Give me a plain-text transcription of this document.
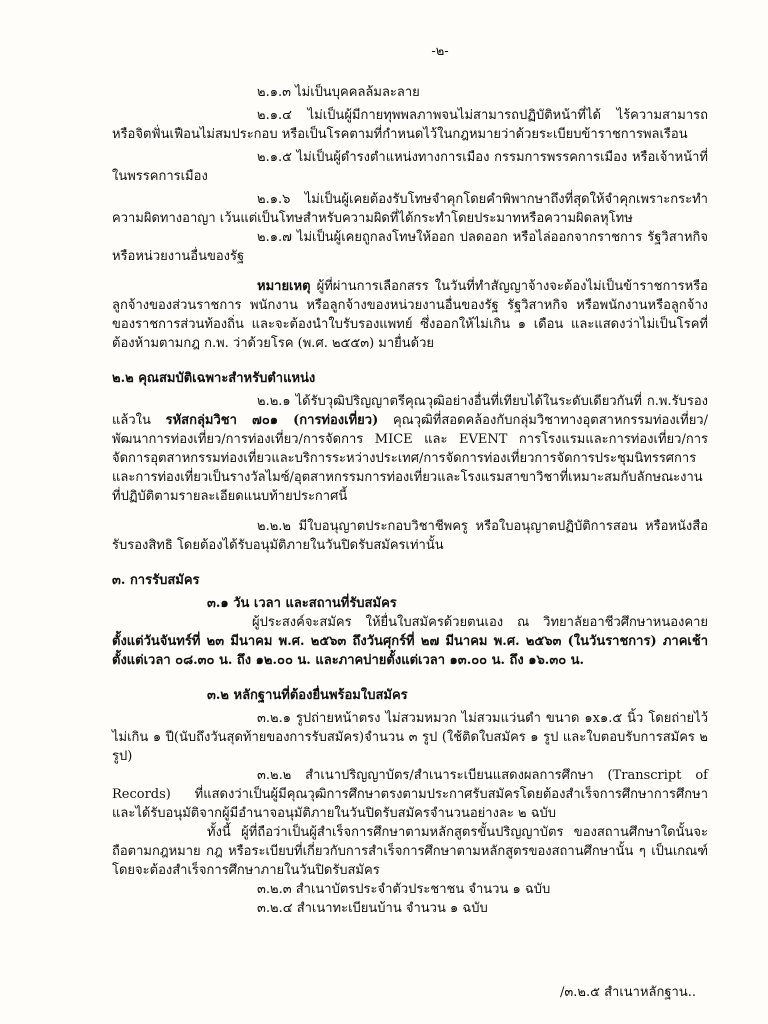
-๒-

๒.๑.๓ ไม่เป็นบุคคลล้มละลาย

๒.๑.๔ ไม่เป็นผู้มีกายทุพพลภาพจนไม่สามารถปฏิบัติหน้าที่ได้ ไร้ความสามารถ หรือจิตฟั่นเฟือนไม่สมประกอบ หรือเป็นโรคตามที่กำหนดไว้ในกฎหมายว่าด้วยระเบียบข้าราชการพลเรือน

๒.๑.๕ ไม่เป็นผู้ดำรงตำแหน่งทางการเมือง กรรมการพรรคการเมือง หรือเจ้าหน้าที่ในพรรคการเมือง

๒.๑.๖ ไม่เป็นผู้เคยต้องรับโทษจำคุกโดยคำพิพากษาถึงที่สุดให้จำคุกเพราะกระทำความผิดทางอาญา เว้นแต่เป็นโทษสำหรับความผิดที่ได้กระทำโดยประมาทหรือความผิดลหุโทษ

๒.๑.๗ ไม่เป็นผู้เคยถูกลงโทษให้ออก ปลดออก หรือไล่ออกจากราชการ รัฐวิสาหกิจ หรือหน่วยงานอื่นของรัฐ

หมายเหตุ ผู้ที่ผ่านการเลือกสรร ในวันที่ทำสัญญาจ้างจะต้องไม่เป็นข้าราชการหรือลูกจ้างของส่วนราชการ พนักงาน หรือลูกจ้างของหน่วยงานอื่นของรัฐ รัฐวิสาหกิจ หรือพนักงานหรือลูกจ้างของราชการส่วนท้องถิ่น และจะต้องนำใบรับรองแพทย์ ซึ่งออกให้ไม่เกิน ๑ เดือน และแสดงว่าไม่เป็นโรคที่ต้องห้ามตามกฎ ก.พ. ว่าด้วยโรค (พ.ศ. ๒๕๕๓) มายื่นด้วย

๒.๒ คุณสมบัติเฉพาะสำหรับตำแหน่ง

๒.๒.๑ ได้รับวุฒิปริญญาตรีคุณวุฒิอย่างอื่นที่เทียบได้ในระดับเดียวกันที่ ก.พ.รับรองแล้วใน รหัสกลุ่มวิชา ๗๐๑ (การท่องเที่ยว) คุณวุฒิที่สอดคล้องกับกลุ่มวิชาทางอุตสาหกรรมท่องเที่ยว/พัฒนาการท่องเที่ยว/การท่องเที่ยว/การจัดการ MICE และ EVENT การโรงแรมและการท่องเที่ยว/การจัดการอุตสาหกรรมท่องเที่ยวและบริการระหว่างประเทศ/การจัดการท่องเที่ยวการจัดการประชุมนิทรรศการและการท่องเที่ยวเป็นรางวัลไมซ์/อุตสาหกรรมการท่องเที่ยวและโรงแรมสาขาวิชาที่เหมาะสมกับลักษณะงานที่ปฏิบัติตามรายละเอียดแนบท้ายประกาศนี้

๒.๒.๒ มีใบอนุญาตประกอบวิชาชีพครู หรือใบอนุญาตปฏิบัติการสอน หรือหนังสือรับรองสิทธิ โดยต้องได้รับอนุมัติภายในวันปิดรับสมัครเท่านั้น

๓. การรับสมัคร

๓.๑ วัน เวลา และสถานที่รับสมัคร

ผู้ประสงค์จะสมัคร ให้ยื่นใบสมัครด้วยตนเอง ณ วิทยาลัยอาชีวศึกษาหนองคาย ตั้งแต่วันจันทร์ที่ ๒๓ มีนาคม พ.ศ. ๒๕๖๓ ถึงวันศุกร์ที่ ๒๗ มีนาคม พ.ศ. ๒๕๖๓ (ในวันราชการ) ภาคเช้าตั้งแต่เวลา ๐๘.๓๐ น. ถึง ๑๒.๐๐ น. และภาคบ่ายตั้งแต่เวลา ๑๓.๐๐ น. ถึง ๑๖.๓๐ น.

๓.๒ หลักฐานที่ต้องยื่นพร้อมใบสมัคร

๓.๒.๑ รูปถ่ายหน้าตรง ไม่สวมหมวก ไม่สวมแว่นดำ ขนาด ๑x๑.๕ นิ้ว โดยถ่ายไว้ไม่เกิน ๑ ปี(นับถึงวันสุดท้ายของการรับสมัคร)จำนวน ๓ รูป (ใช้ติดใบสมัคร ๑ รูป และใบตอบรับการสมัคร ๒ รูป)

๓.๒.๒ สำเนาปริญญาบัตร/สำเนาระเบียนแสดงผลการศึกษา (Transcript of Records) ที่แสดงว่าเป็นผู้มีคุณวุฒิการศึกษาตรงตามประกาศรับสมัครโดยต้องสำเร็จการศึกษาการศึกษาและได้รับอนุมัติจากผู้มีอำนาจอนุมัติภายในวันปิดรับสมัครจำนวนอย่างละ ๒ ฉบับ

ทั้งนี้ ผู้ที่ถือว่าเป็นผู้สำเร็จการศึกษาตามหลักสูตรขั้นปริญญาบัตร ของสถานศึกษาใดนั้นจะถือตามกฎหมาย กฎ หรือระเบียบที่เกี่ยวกับการสำเร็จการศึกษาตามหลักสูตรของสถานศึกษานั้น ๆ เป็นเกณฑ์ โดยจะต้องสำเร็จการศึกษาภายในวันปิดรับสมัคร

๓.๒.๓ สำเนาบัตรประจำตัวประชาชน จำนวน ๑ ฉบับ

๓.๒.๔ สำเนาทะเบียนบ้าน จำนวน ๑ ฉบับ

/๓.๒.๕ สำเนาหลักฐาน..
